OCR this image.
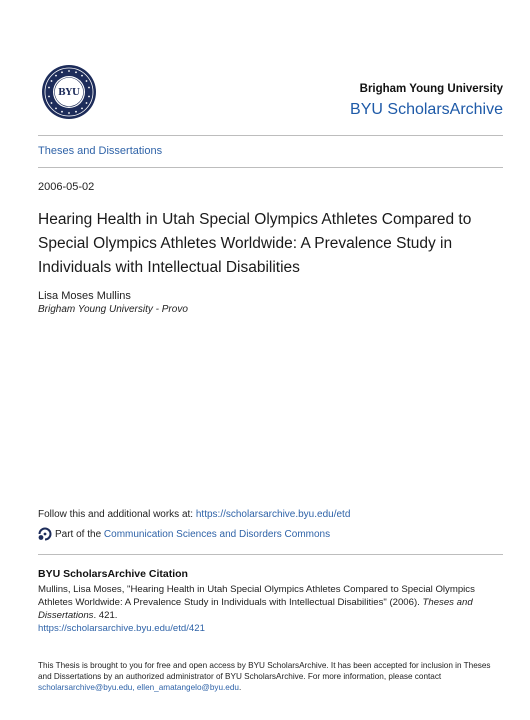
BYU	Brigham Young University
BYU ScholarsArchive
Theses and Dissertations
2006-05-02
Hearing Health in Utah Special Olympics Athletes Compared to Special Olympics Athletes Worldwide: A Prevalence Study in Individuals with Intellectual Disabilities
Lisa Moses Mullins
Brigham Young University - Provo
Follow this and additional works at: https://scholarsarchive.byu.edu/etd
Part of the
Communication Sciences and Disorders Commons
BYU ScholarsArchive Citation
Mullins, Lisa Moses, "Hearing Health in Utah Special Olympics Athletes Compared to Special Olympics Athletes Worldwide: A Prevalence Study in Individuals with Intellectual Disabilities" (2006). Theses and Dissertations. 421.
https://scholarsarchive.byu.edu/etd/421
This Thesis is brought to you for free and open access by BYU ScholarsArchive. It has been accepted for inclusion in Theses and Dissertations by an authorized administrator of BYU ScholarsArchive. For more information, please contact scholarsarchive@byu.edu, ellen_amatangelo@byu.edu.
